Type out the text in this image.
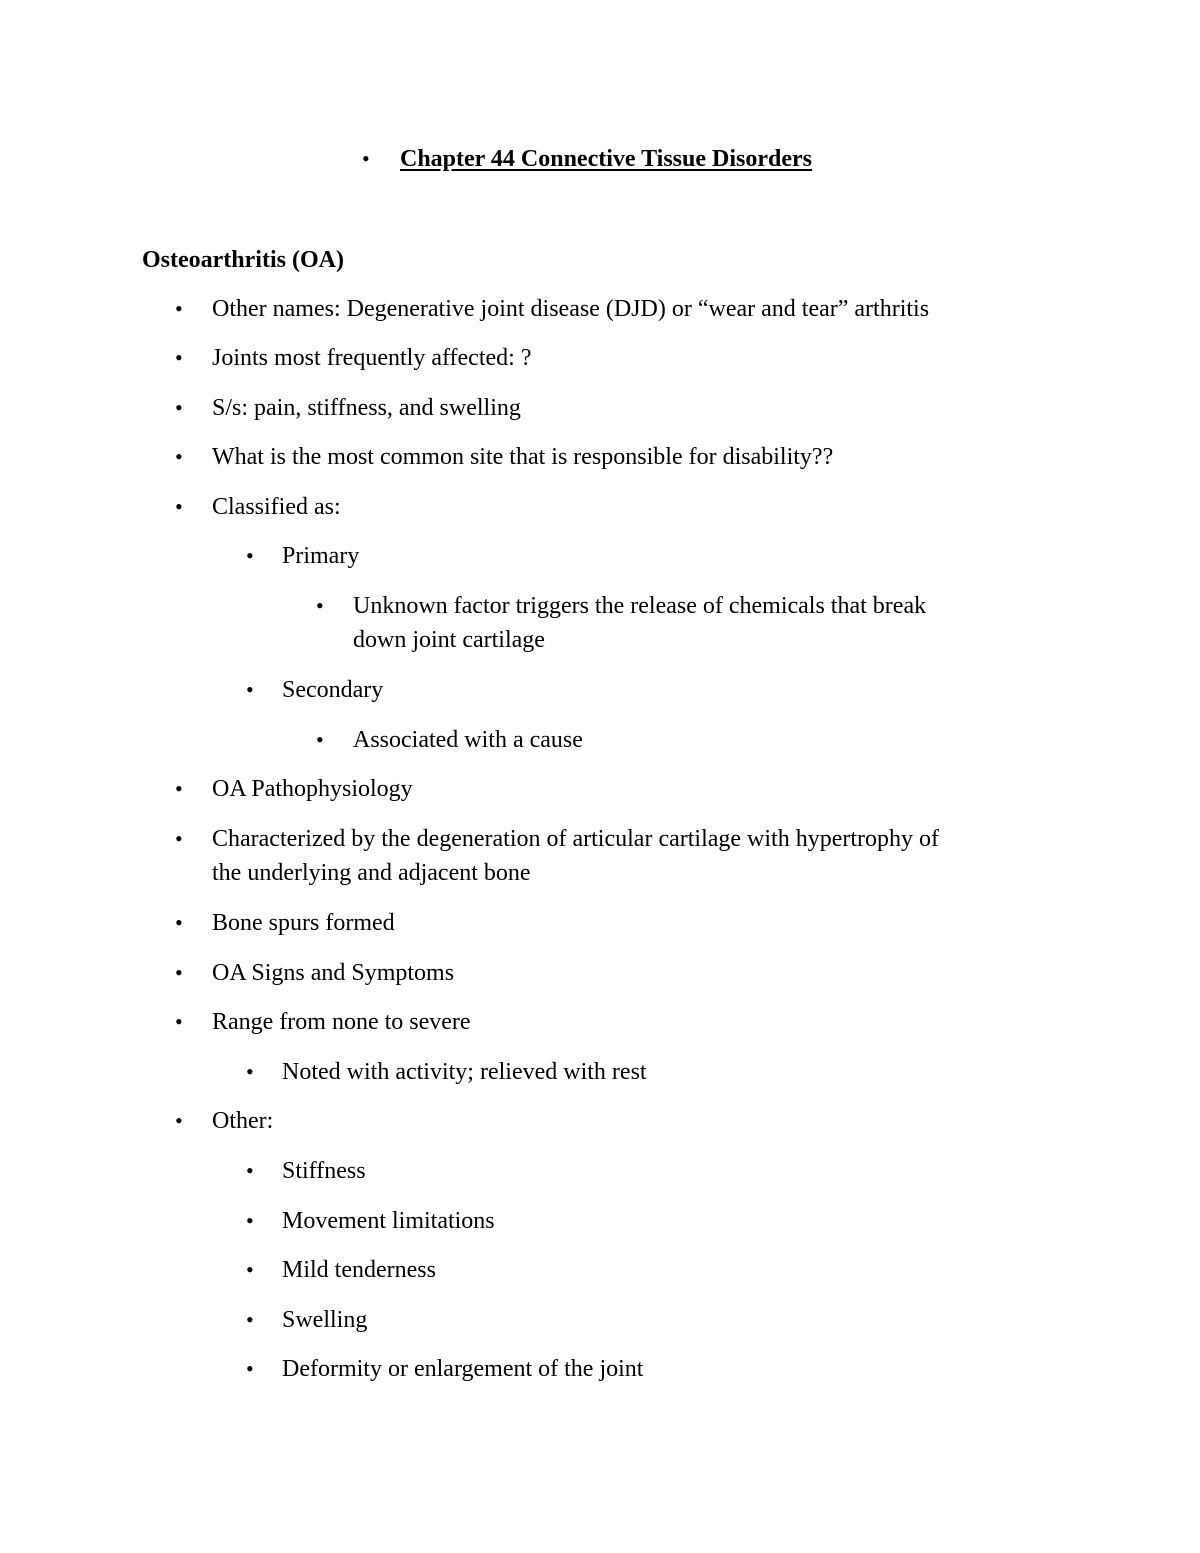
• Chapter 44 Connective Tissue Disorders
Osteoarthritis (OA)
• Other names: Degenerative joint disease (DJD) or “wear and tear” arthritis
• Joints most frequently affected: ?
• S/s: pain, stiffness, and swelling
• What is the most common site that is responsible for disability??
• Classified as:
• Primary
• Unknown factor triggers the release of chemicals that break
down joint cartilage
• Secondary
• Associated with a cause
• OA Pathophysiology
• Characterized by the degeneration of articular cartilage with hypertrophy of
the underlying and adjacent bone
• Bone spurs formed
• OA Signs and Symptoms
• Range from none to severe
• Noted with activity; relieved with rest
• Other:
• Stiffness
• Movement limitations
• Mild tenderness
• Swelling
• Deformity or enlargement of the joint
